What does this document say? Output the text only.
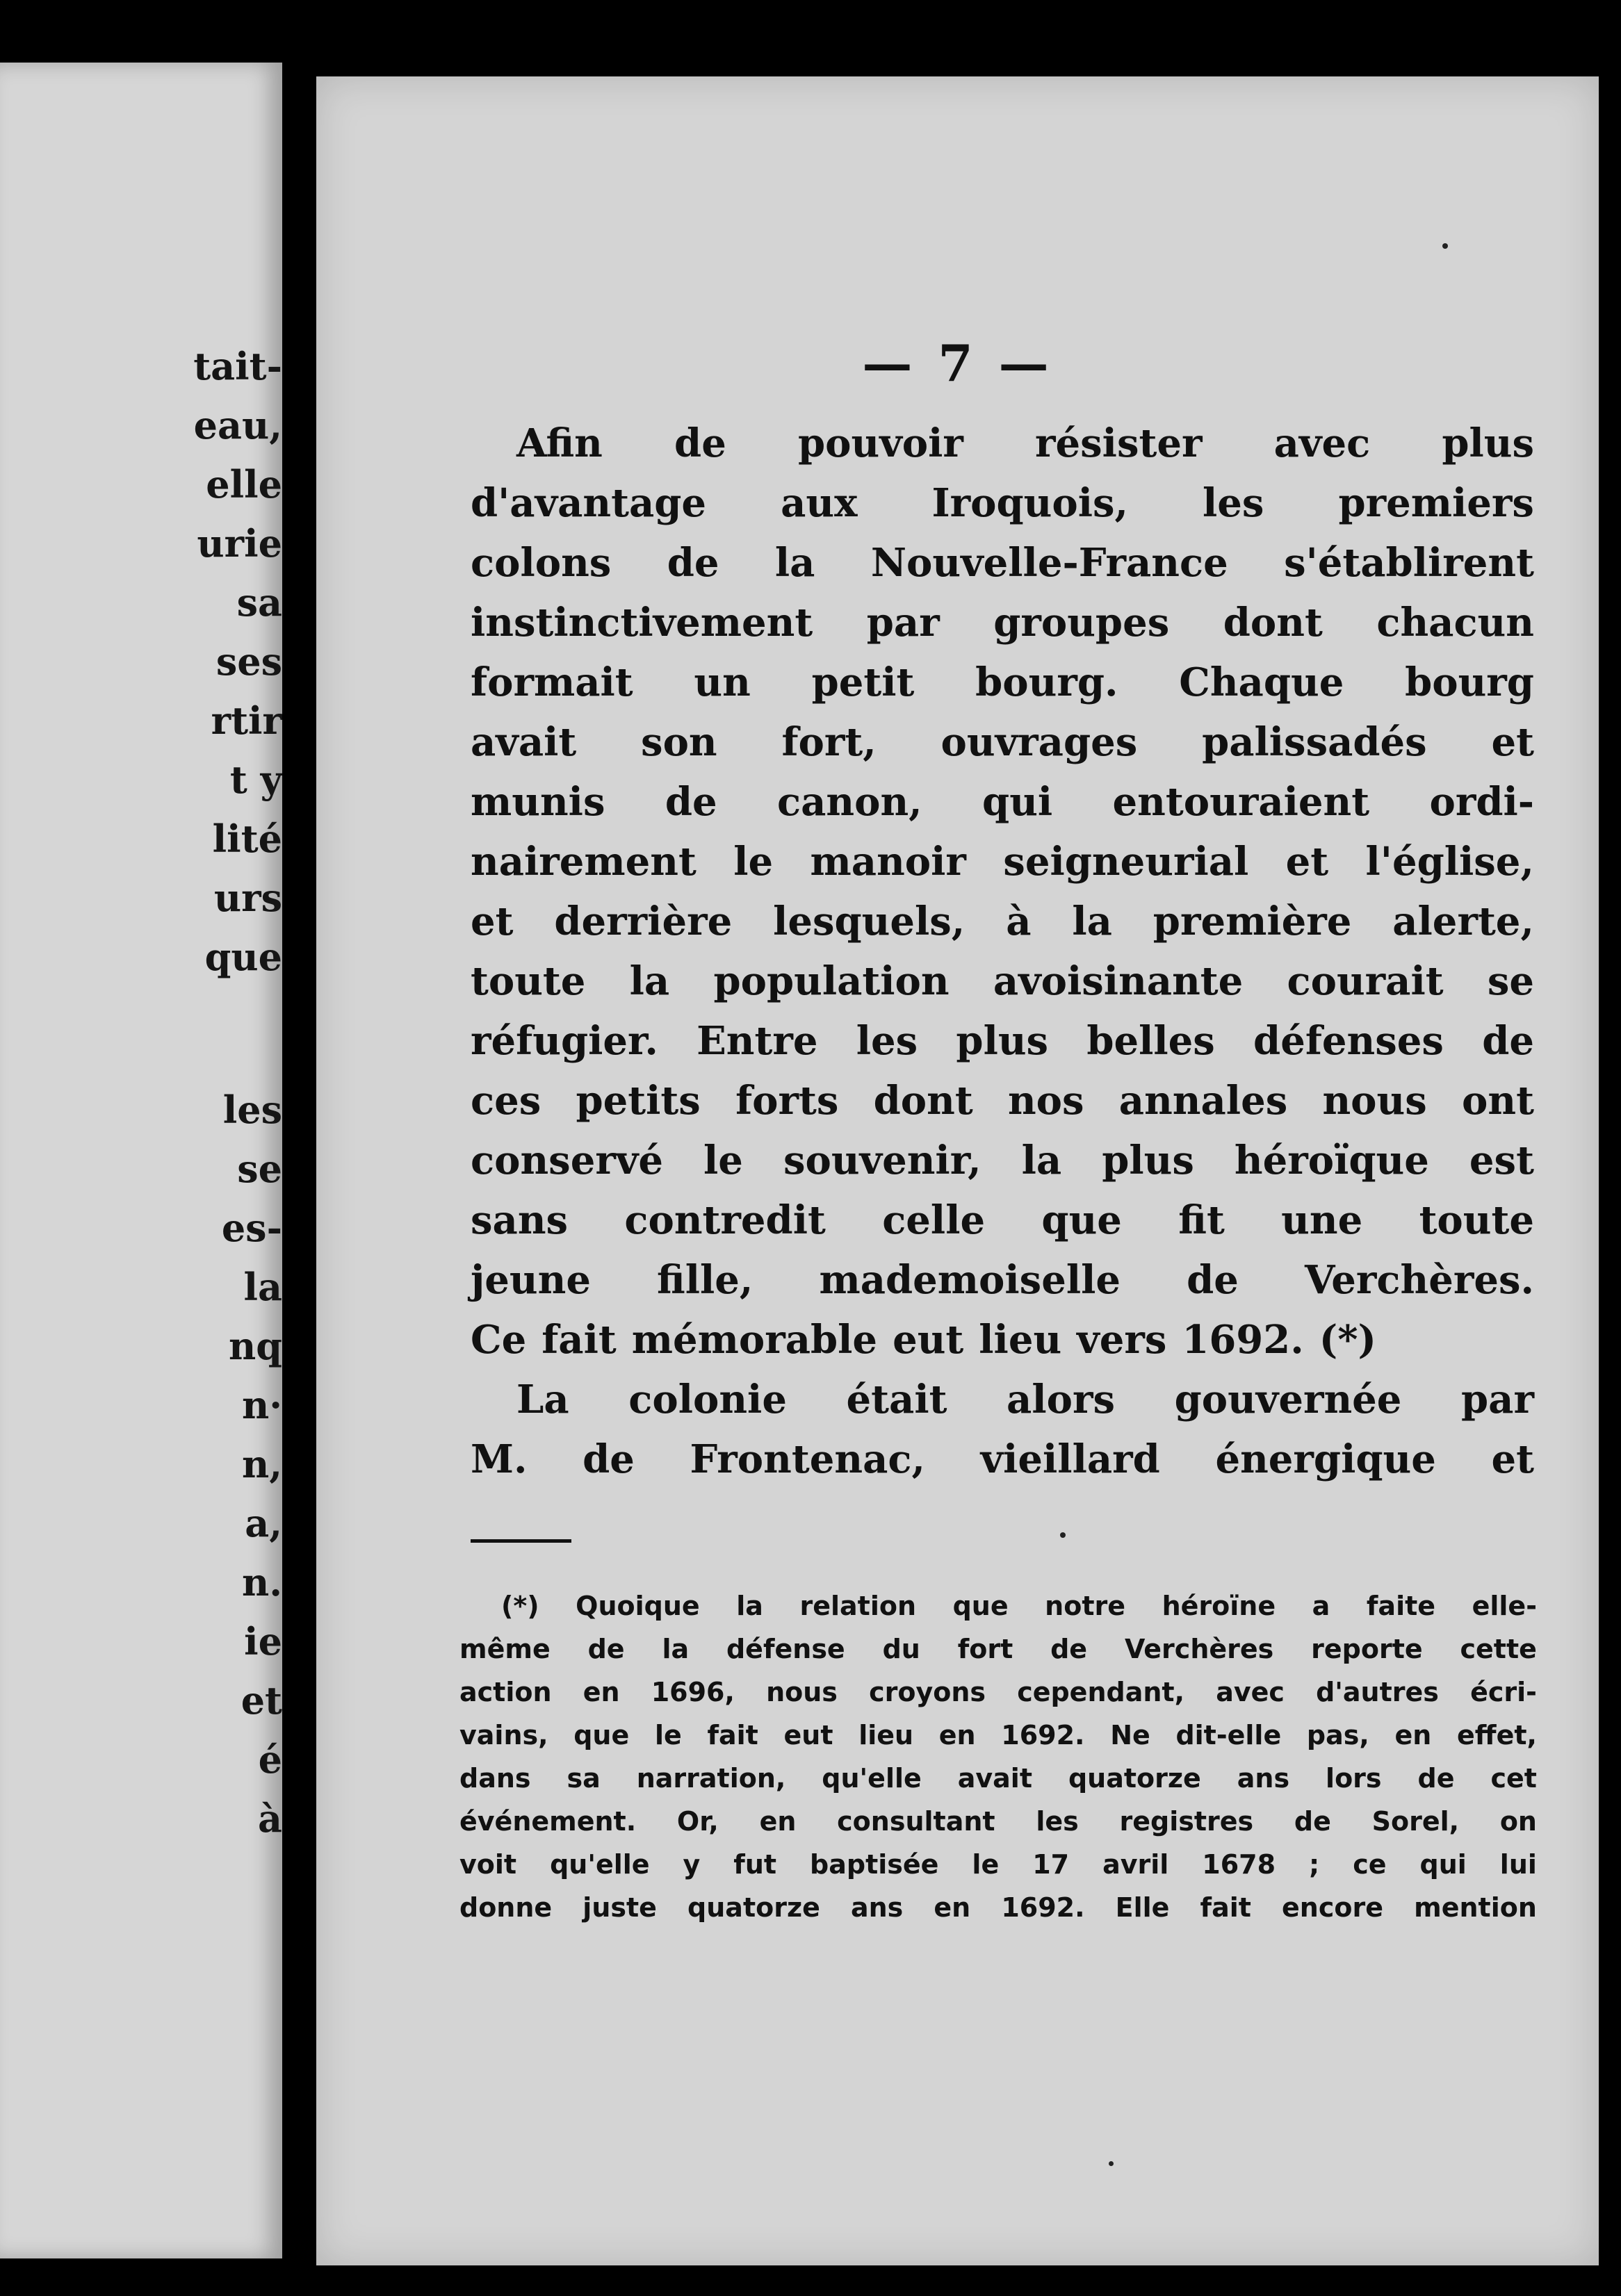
tait-
eau,
elle
urie
sa
ses
rtir
t y
lité
urs
que
les
se
es-
la
nq
n·
n,
a,
n.
ie
et
é
à
— 7 —
Afin de pouvoir résister avec plus
d'avantage aux Iroquois, les premiers
colons de la Nouvelle-France s'établirent
instinctivement par groupes dont chacun
formait un petit bourg. Chaque bourg
avait son fort, ouvrages palissadés et
munis de canon, qui entouraient ordi-
nairement le manoir seigneurial et l'église,
et derrière lesquels, à la première alerte,
toute la population avoisinante courait se
réfugier. Entre les plus belles défenses de
ces petits forts dont nos annales nous ont
conservé le souvenir, la plus héroïque est
sans contredit celle que fit une toute
jeune fille, mademoiselle de Verchères.
Ce fait mémorable eut lieu vers 1692. (*)
La colonie était alors gouvernée par
M. de Frontenac, vieillard énergique et
(*) Quoique la relation que notre héroïne a faite elle-
même de la défense du fort de Verchères reporte cette
action en 1696, nous croyons cependant, avec d'autres écri-
vains, que le fait eut lieu en 1692. Ne dit-elle pas, en effet,
dans sa narration, qu'elle avait quatorze ans lors de cet
événement. Or, en consultant les registres de Sorel, on
voit qu'elle y fut baptisée le 17 avril 1678 ; ce qui lui
donne juste quatorze ans en 1692. Elle fait encore mention
